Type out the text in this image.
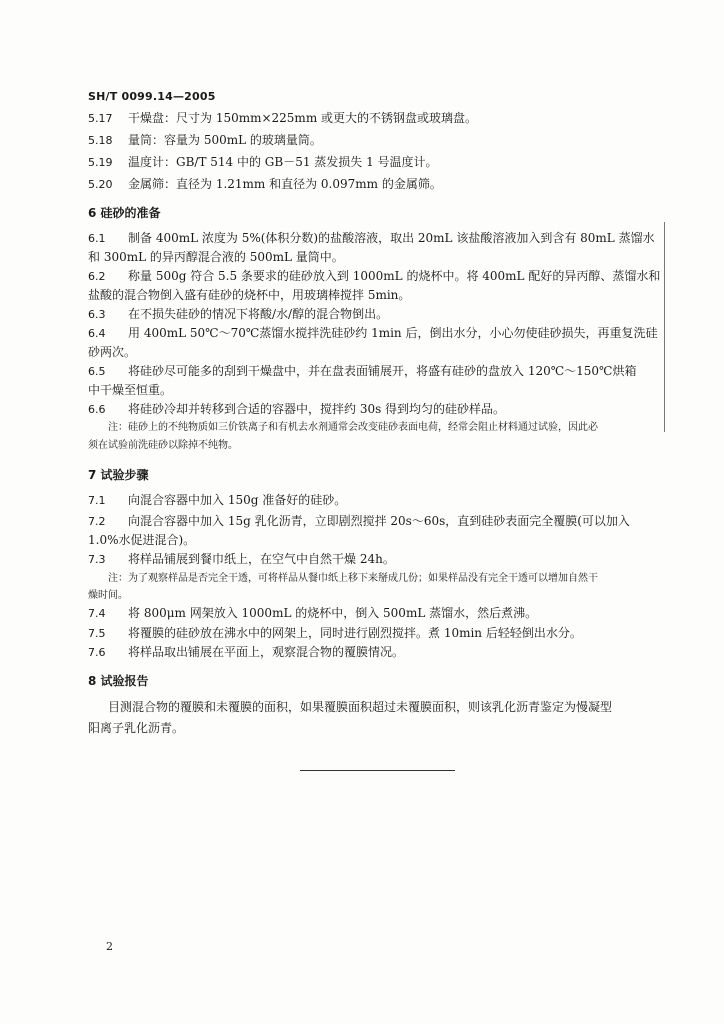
SH/T 0099.14—2005
5.17 干燥盘：尺寸为 150mm×225mm 或更大的不锈钢盘或玻璃盘。
5.18 量筒：容量为 500mL 的玻璃量筒。
5.19 温度计：GB/T 514 中的 GB－51 蒸发损失 1 号温度计。
5.20 金属筛：直径为 1.21mm 和直径为 0.097mm 的金属筛。
6 硅砂的准备
6.1 制备 400mL 浓度为 5%(体积分数)的盐酸溶液，取出 20mL 该盐酸溶液加入到含有 80mL 蒸馏水
和 300mL 的异丙醇混合液的 500mL 量筒中。
6.2 称量 500g 符合 5.5 条要求的硅砂放入到 1000mL 的烧杯中。将 400mL 配好的异丙醇、蒸馏水和
盐酸的混合物倒入盛有硅砂的烧杯中，用玻璃棒搅拌 5min。
6.3 在不损失硅砂的情况下将酸/水/醇的混合物倒出。
6.4 用 400mL 50℃～70℃蒸馏水搅拌洗硅砂约 1min 后，倒出水分，小心勿使硅砂损失，再重复洗硅
砂两次。
6.5 将硅砂尽可能多的刮到干燥盘中，并在盘表面铺展开，将盛有硅砂的盘放入 120℃～150℃烘箱
中干燥至恒重。
6.6 将硅砂冷却并转移到合适的容器中，搅拌约 30s 得到均匀的硅砂样品。
注：硅砂上的不纯物质如三价铁离子和有机去水剂通常会改变硅砂表面电荷，经常会阻止材料通过试验，因此必
须在试验前洗硅砂以除掉不纯物。
7 试验步骤
7.1 向混合容器中加入 150g 准备好的硅砂。
7.2 向混合容器中加入 15g 乳化沥青，立即剧烈搅拌 20s～60s，直到硅砂表面完全覆膜(可以加入
1.0%水促进混合)。
7.3 将样品铺展到餐巾纸上，在空气中自然干燥 24h。
注：为了观察样品是否完全干透，可将样品从餐巾纸上移下来掰成几份；如果样品没有完全干透可以增加自然干
燥时间。
7.4 将 800μm 网架放入 1000mL 的烧杯中，倒入 500mL 蒸馏水，然后煮沸。
7.5 将覆膜的硅砂放在沸水中的网架上，同时进行剧烈搅拌。煮 10min 后轻轻倒出水分。
7.6 将样品取出铺展在平面上，观察混合物的覆膜情况。
8 试验报告
目测混合物的覆膜和未覆膜的面积，如果覆膜面积超过未覆膜面积，则该乳化沥青鉴定为慢凝型
阳离子乳化沥青。
2
